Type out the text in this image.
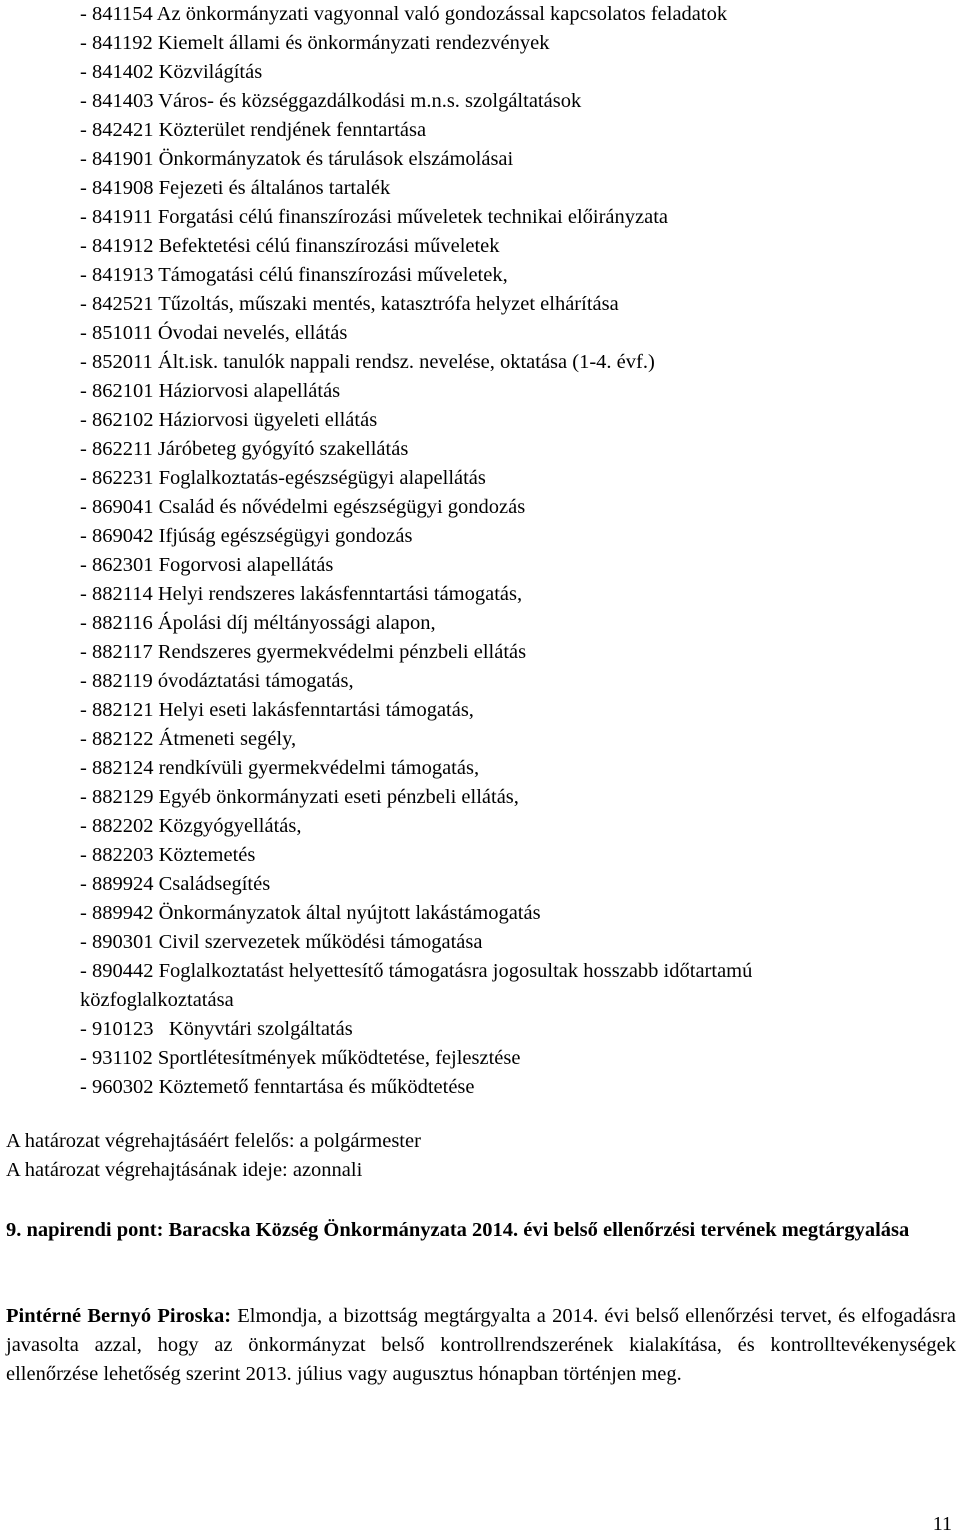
- 841154 Az önkormányzati vagyonnal való gondozással kapcsolatos feladatok
- 841192 Kiemelt állami és önkormányzati rendezvények
- 841402 Közvilágítás
- 841403 Város- és községgazdálkodási m.n.s. szolgáltatások
- 842421 Közterület rendjének fenntartása
- 841901 Önkormányzatok és tárulások elszámolásai
- 841908 Fejezeti és általános tartalék
- 841911 Forgatási célú finanszírozási műveletek technikai előirányzata
- 841912 Befektetési célú finanszírozási műveletek
- 841913 Támogatási célú finanszírozási műveletek,
- 842521 Tűzoltás, műszaki mentés, katasztrófa helyzet elhárítása
- 851011 Óvodai nevelés, ellátás
- 852011 Ált.isk. tanulók nappali rendsz. nevelése, oktatása (1-4. évf.)
- 862101 Háziorvosi alapellátás
- 862102 Háziorvosi ügyeleti ellátás
- 862211 Járóbeteg gyógyító szakellátás
- 862231 Foglalkoztatás-egészségügyi alapellátás
- 869041 Család és nővédelmi egészségügyi gondozás
- 869042 Ifjúság egészségügyi gondozás
- 862301 Fogorvosi alapellátás
- 882114 Helyi rendszeres lakásfenntartási támogatás,
- 882116 Ápolási díj méltányossági alapon,
- 882117 Rendszeres gyermekvédelmi pénzbeli ellátás
- 882119 óvodáztatási támogatás,
- 882121 Helyi eseti lakásfenntartási támogatás,
- 882122 Átmeneti segély,
- 882124 rendkívüli gyermekvédelmi támogatás,
- 882129 Egyéb önkormányzati eseti pénzbeli ellátás,
- 882202 Közgyógyellátás,
- 882203 Köztemetés
- 889924 Családsegítés
- 889942 Önkormányzatok által nyújtott lakástámogatás
- 890301 Civil szervezetek működési támogatása
- 890442 Foglalkoztatást helyettesítő támogatásra jogosultak hosszabb időtartamú közfoglalkoztatása
- 910123   Könyvtári szolgáltatás
- 931102 Sportlétesítmények működtetése, fejlesztése
- 960302 Köztemető fenntartása és működtetése
A határozat végrehajtásáért felelős: a polgármester
A határozat végrehajtásának ideje: azonnali
9. napirendi pont: Baracska Község Önkormányzata 2014. évi belső ellenőrzési tervének megtárgyalása
Pintérné Bernyó Piroska: Elmondja, a bizottság megtárgyalta a 2014. évi belső ellenőrzési tervet, és elfogadásra javasolta azzal, hogy az önkormányzat belső kontrollrendszerének kialakítása, és kontrolltevékenységek ellenőrzése lehetőség szerint 2013. július vagy augusztus hónapban történjen meg.
11
